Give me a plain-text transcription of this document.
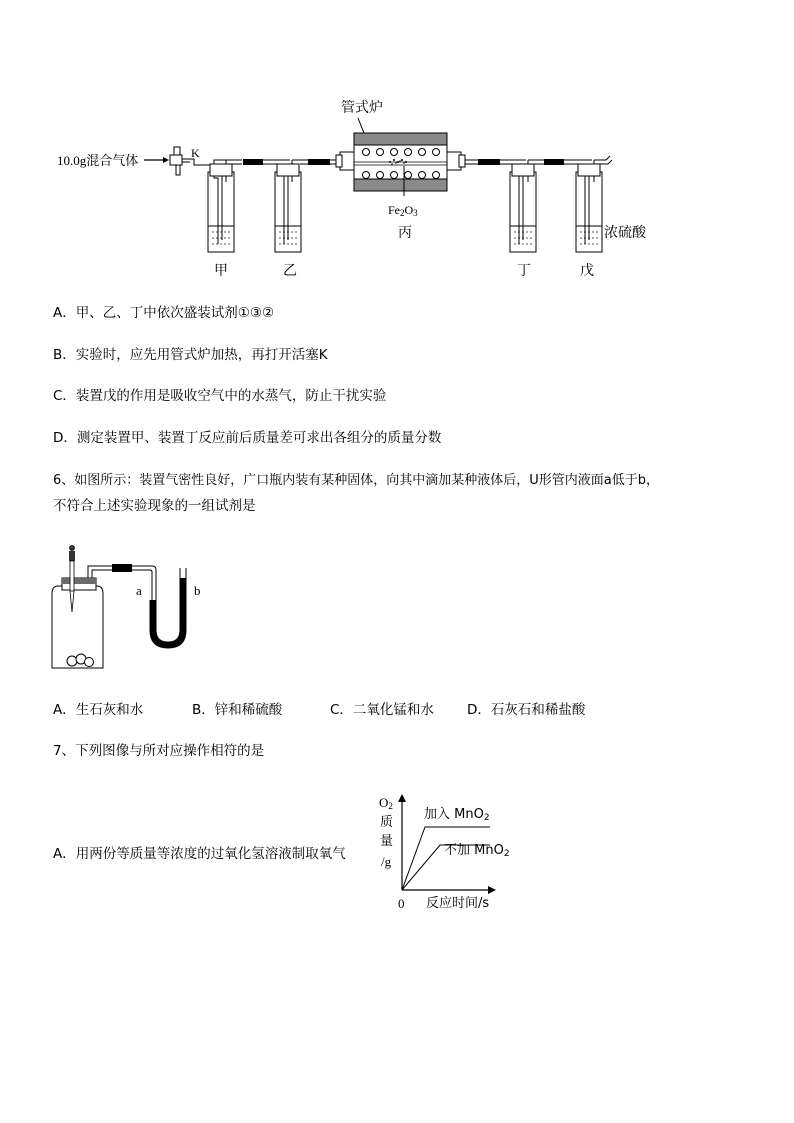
管式炉
10.0g混合气体	K
$Fe_2O_3$
丙
甲	乙	丁	戊
浓硫酸

A．甲、乙、丁中依次盛装试剂①③②

B．实验时，应先用管式炉加热，再打开活塞K

C．装置戊的作用是吸收空气中的水蒸气，防止干扰实验

D．测定装置甲、装置丁反应前后质量差可求出各组分的质量分数

6、如图所示：装置气密性良好，广口瓶内装有某种固体，向其中滴加某种液体后，U形管内液面a低于b，

不符合上述实验现象的一组试剂是

a	b

A．生石灰和水	B．锌和稀硫酸	C．二氧化锰和水 D．石灰石和稀盐酸

7、下列图像与所对应操作相符的是

A．用两份等质量等浓度的过氧化氢溶液制取氧气

$O_2$
质
量
/g
0 反应时间/s
加入 MnO$_2$
不加 MnO$_2$
